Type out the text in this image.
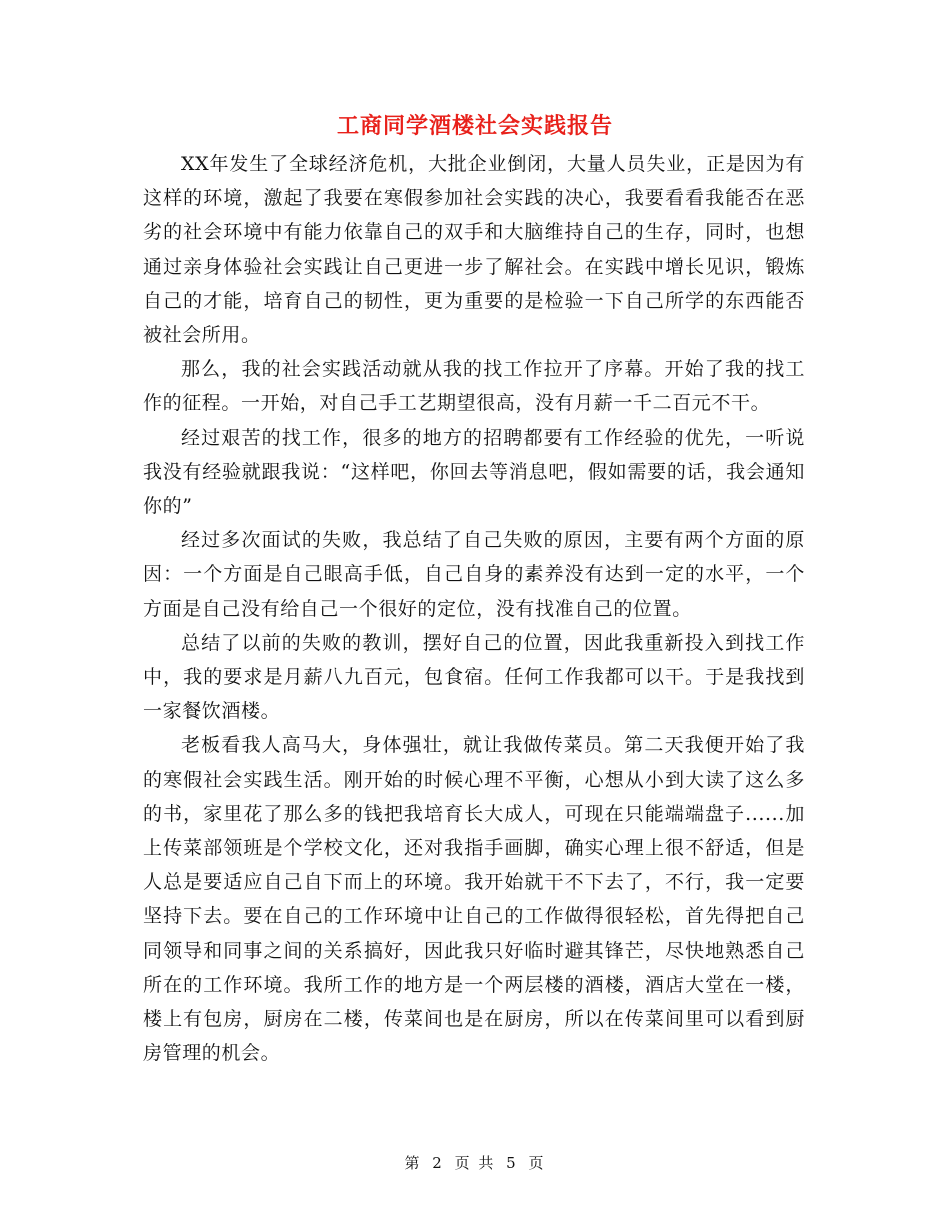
工商同学酒楼社会实践报告

XX年发生了全球经济危机，大批企业倒闭，大量人员失业，正是因为有这样的环境，激起了我要在寒假参加社会实践的决心，我要看看我能否在恶劣的社会环境中有能力依靠自己的双手和大脑维持自己的生存，同时，也想通过亲身体验社会实践让自己更进一步了解社会。在实践中增长见识，锻炼自己的才能，培育自己的韧性，更为重要的是检验一下自己所学的东西能否被社会所用。

那么，我的社会实践活动就从我的找工作拉开了序幕。开始了我的找工作的征程。一开始，对自己手工艺期望很高，没有月薪一千二百元不干。

经过艰苦的找工作，很多的地方的招聘都要有工作经验的优先，一听说我没有经验就跟我说：“这样吧，你回去等消息吧，假如需要的话，我会通知你的”

经过多次面试的失败，我总结了自己失败的原因，主要有两个方面的原因：一个方面是自己眼高手低，自己自身的素养没有达到一定的水平，一个方面是自己没有给自己一个很好的定位，没有找准自己的位置。

总结了以前的失败的教训，摆好自己的位置，因此我重新投入到找工作中，我的要求是月薪八九百元，包食宿。任何工作我都可以干。于是我找到一家餐饮酒楼。

老板看我人高马大，身体强壮，就让我做传菜员。第二天我便开始了我的寒假社会实践生活。刚开始的时候心理不平衡，心想从小到大读了这么多的书，家里花了那么多的钱把我培育长大成人，可现在只能端端盘子......加上传菜部领班是个学校文化，还对我指手画脚，确实心理上很不舒适，但是人总是要适应自己自下而上的环境。我开始就干不下去了，不行，我一定要坚持下去。要在自己的工作环境中让自己的工作做得很轻松，首先得把自己同领导和同事之间的关系搞好，因此我只好临时避其锋芒，尽快地熟悉自己所在的工作环境。我所工作的地方是一个两层楼的酒楼，酒店大堂在一楼，楼上有包房，厨房在二楼，传菜间也是在厨房，所以在传菜间里可以看到厨房管理的机会。

第 2 页 共 5 页
